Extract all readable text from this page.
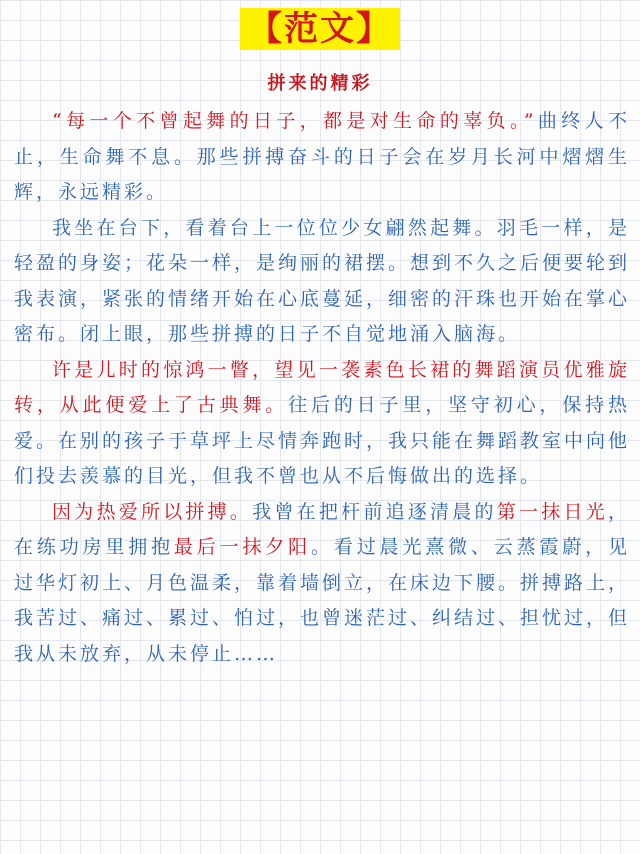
【范文】
拼来的精彩

“每一个不曾起舞的日子，都是对生命的辜负。”曲终人不止，生命舞不息。那些拼搏奋斗的日子会在岁月长河中熠熠生辉，永远精彩。

我坐在台下，看着台上一位位少女翩然起舞。羽毛一样，是轻盈的身姿；花朵一样，是绚丽的裙摆。想到不久之后便要轮到我表演，紧张的情绪开始在心底蔓延，细密的汗珠也开始在掌心密布。闭上眼，那些拼搏的日子不自觉地涌入脑海。

许是儿时的惊鸿一瞥，望见一袭素色长裙的舞蹈演员优雅旋转，从此便爱上了古典舞。往后的日子里，坚守初心，保持热爱。在别的孩子于草坪上尽情奔跑时，我只能在舞蹈教室中向他们投去羡慕的目光，但我不曾也从不后悔做出的选择。

因为热爱所以拼搏。我曾在把杆前追逐清晨的第一抹日光，在练功房里拥抱最后一抹夕阳。看过晨光熹微、云蒸霞蔚，见过华灯初上、月色温柔，靠着墙倒立，在床边下腰。拼搏路上，我苦过、痛过、累过、怕过，也曾迷茫过、纠结过、担忧过，但我从未放弃，从未停止……
